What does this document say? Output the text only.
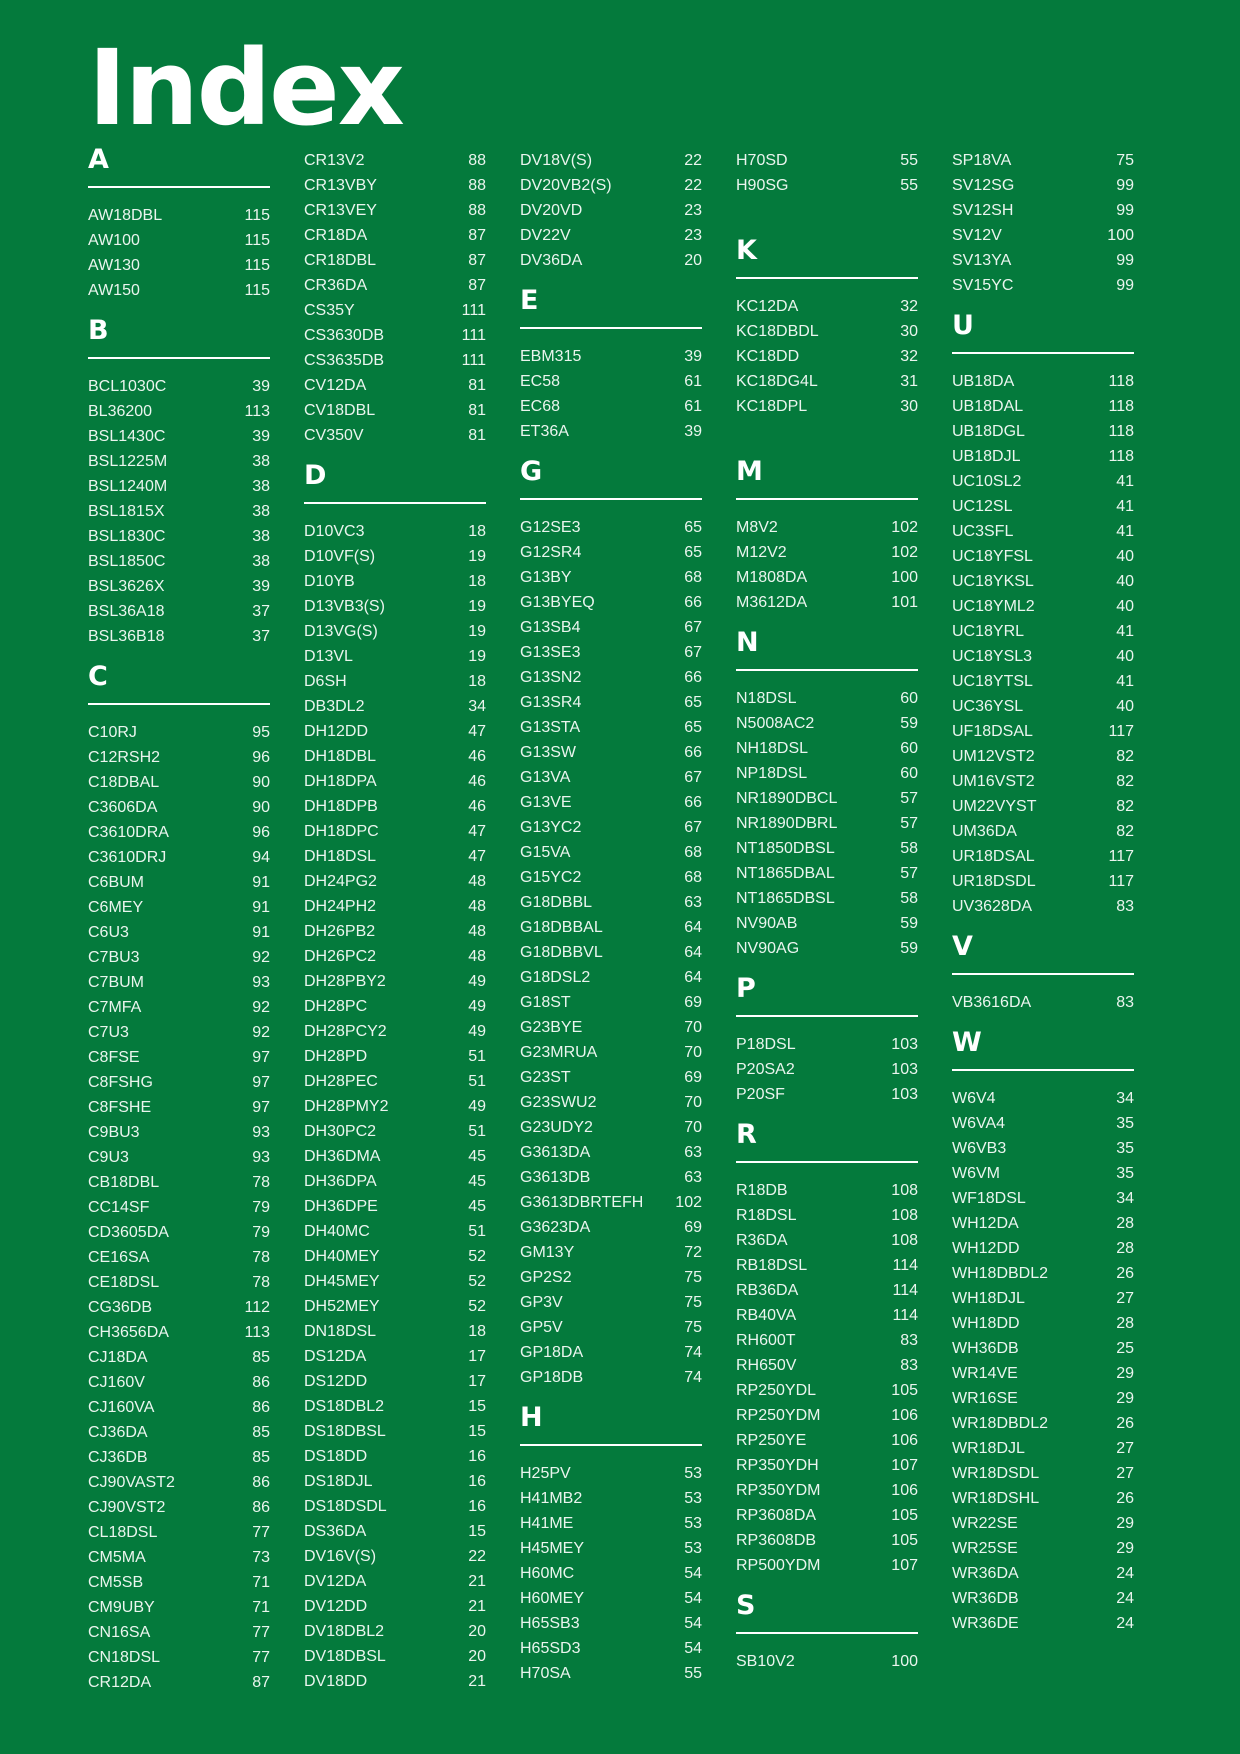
Index
A
AW18DBL	115
AW100	115
AW130	115
AW150	115
B
BCL1030C	39
BL36200	113
BSL1430C	39
BSL1225M	38
BSL1240M	38
BSL1815X	38
BSL1830C	38
BSL1850C	38
BSL3626X	39
BSL36A18	37
BSL36B18	37
C
C10RJ	95
C12RSH2	96
C18DBAL	90
C3606DA	90
C3610DRA	96
C3610DRJ	94
C6BUM	91
C6MEY	91
C6U3	91
C7BU3	92
C7BUM	93
C7MFA	92
C7U3	92
C8FSE	97
C8FSHG	97
C8FSHE	97
C9BU3	93
C9U3	93
CB18DBL	78
CC14SF	79
CD3605DA	79
CE16SA	78
CE18DSL	78
CG36DB	112
CH3656DA	113
CJ18DA	85
CJ160V	86
CJ160VA	86
CJ36DA	85
CJ36DB	85
CJ90VAST2	86
CJ90VST2	86
CL18DSL	77
CM5MA	73
CM5SB	71
CM9UBY	71
CN16SA	77
CN18DSL	77
CR12DA	87
CR13V2	88
CR13VBY	88
CR13VEY	88
CR18DA	87
CR18DBL	87
CR36DA	87
CS35Y	111
CS3630DB	111
CS3635DB	111
CV12DA	81
CV18DBL	81
CV350V	81
D
D10VC3	18
D10VF(S)	19
D10YB	18
D13VB3(S)	19
D13VG(S)	19
D13VL	19
D6SH	18
DB3DL2	34
DH12DD	47
DH18DBL	46
DH18DPA	46
DH18DPB	46
DH18DPC	47
DH18DSL	47
DH24PG2	48
DH24PH2	48
DH26PB2	48
DH26PC2	48
DH28PBY2	49
DH28PC	49
DH28PCY2	49
DH28PD	51
DH28PEC	51
DH28PMY2	49
DH30PC2	51
DH36DMA	45
DH36DPA	45
DH36DPE	45
DH40MC	51
DH40MEY	52
DH45MEY	52
DH52MEY	52
DN18DSL	18
DS12DA	17
DS12DD	17
DS18DBL2	15
DS18DBSL	15
DS18DD	16
DS18DJL	16
DS18DSDL	16
DS36DA	15
DV16V(S)	22
DV12DA	21
DV12DD	21
DV18DBL2	20
DV18DBSL	20
DV18DD	21
DV18V(S)	22
DV20VB2(S)	22
DV20VD	23
DV22V	23
DV36DA	20
E
EBM315	39
EC58	61
EC68	61
ET36A	39
G
G12SE3	65
G12SR4	65
G13BY	68
G13BYEQ	66
G13SB4	67
G13SE3	67
G13SN2	66
G13SR4	65
G13STA	65
G13SW	66
G13VA	67
G13VE	66
G13YC2	67
G15VA	68
G15YC2	68
G18DBBL	63
G18DBBAL	64
G18DBBVL	64
G18DSL2	64
G18ST	69
G23BYE	70
G23MRUA	70
G23ST	69
G23SWU2	70
G23UDY2	70
G3613DA	63
G3613DB	63
G3613DBRTEFH 102
G3623DA	69
GM13Y	72
GP2S2	75
GP3V	75
GP5V	75
GP18DA	74
GP18DB	74
H
H25PV	53
H41MB2	53
H41ME	53
H45MEY	53
H60MC	54
H60MEY	54
H65SB3	54
H65SD3	54
H70SA	55
H70SD	55
H90SG	55
K
KC12DA	32
KC18DBDL	30
KC18DD	32
KC18DG4L	31
KC18DPL	30
M
M8V2	102
M12V2	102
M1808DA	100
M3612DA	101
N
N18DSL	60
N5008AC2	59
NH18DSL	60
NP18DSL	60
NR1890DBCL	57
NR1890DBRL	57
NT1850DBSL	58
NT1865DBAL	57
NT1865DBSL	58
NV90AB	59
NV90AG	59
P
P18DSL	103
P20SA2	103
P20SF	103
R
R18DB	108
R18DSL	108
R36DA	108
RB18DSL	114
RB36DA	114
RB40VA	114
RH600T	83
RH650V	83
RP250YDL	105
RP250YDM	106
RP250YE	106
RP350YDH	107
RP350YDM	106
RP3608DA	105
RP3608DB	105
RP500YDM	107
S
SB10V2	100
SP18VA	75
SV12SG	99
SV12SH	99
SV12V	100
SV13YA	99
SV15YC	99
U
UB18DA	118
UB18DAL	118
UB18DGL	118
UB18DJL	118
UC10SL2	41
UC12SL	41
UC3SFL	41
UC18YFSL	40
UC18YKSL	40
UC18YML2	40
UC18YRL	41
UC18YSL3	40
UC18YTSL	41
UC36YSL	40
UF18DSAL	117
UM12VST2	82
UM16VST2	82
UM22VYST	82
UM36DA	82
UR18DSAL	117
UR18DSDL	117
UV3628DA	83
V
VB3616DA	83
W
W6V4	34
W6VA4	35
W6VB3	35
W6VM	35
WF18DSL	34
WH12DA	28
WH12DD	28
WH18DBDL2	26
WH18DJL	27
WH18DD	28
WH36DB	25
WR14VE	29
WR16SE	29
WR18DBDL2	26
WR18DJL	27
WR18DSDL	27
WR18DSHL	26
WR22SE	29
WR25SE	29
WR36DA	24
WR36DB	24
WR36DE	24
